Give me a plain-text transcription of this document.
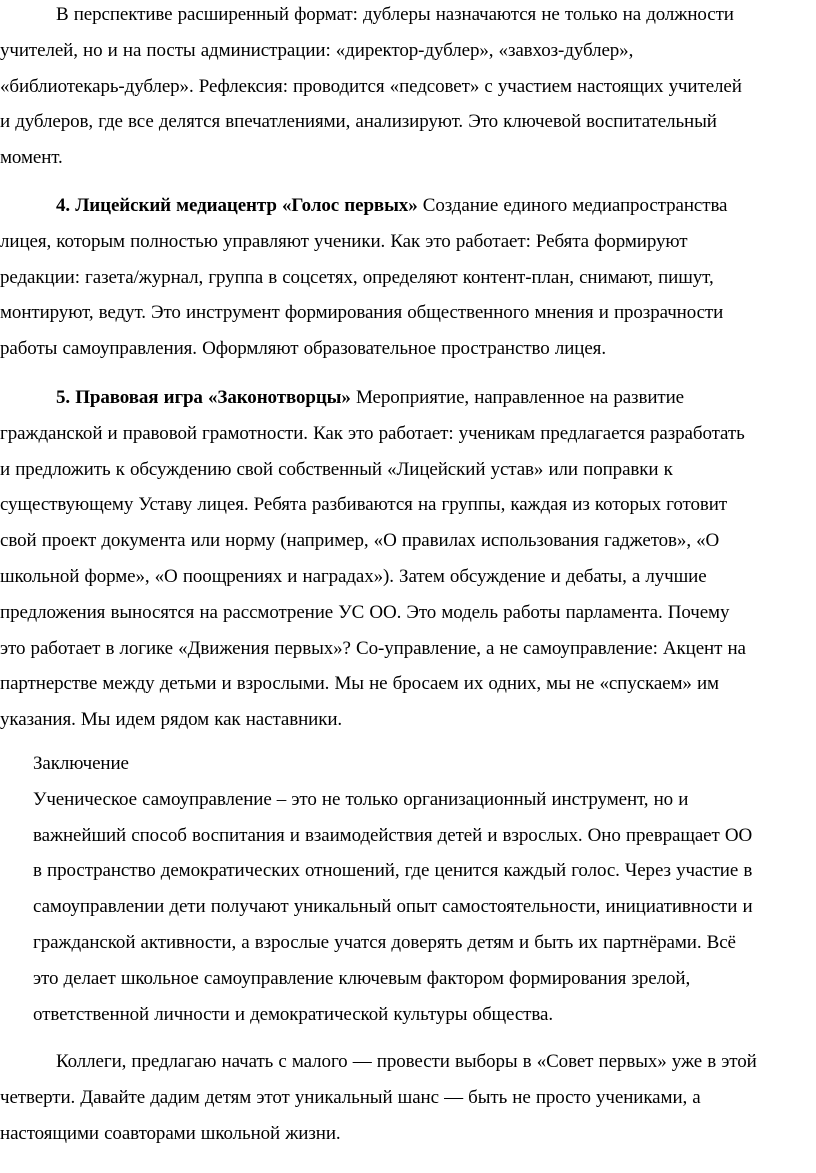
В перспективе расширенный формат: дублеры назначаются не только на должности
учителей, но и на посты администрации: «директор-дублер», «завхоз-дублер»,
«библиотекарь-дублер». Рефлексия: проводится «педсовет» с участием настоящих учителей
и дублеров, где все делятся впечатлениями, анализируют. Это ключевой воспитательный
момент.
4. Лицейский медиацентр «Голос первых» Создание единого медиапространства
лицея, которым полностью управляют ученики. Как это работает: Ребята формируют
редакции: газета/журнал, группа в соцсетях, определяют контент-план, снимают, пишут,
монтируют, ведут. Это инструмент формирования общественного мнения и прозрачности
работы самоуправления. Оформляют образовательное пространство лицея.
5. Правовая игра «Законотворцы» Мероприятие, направленное на развитие
гражданской и правовой грамотности. Как это работает: ученикам предлагается разработать
и предложить к обсуждению свой собственный «Лицейский устав» или поправки к
существующему Уставу лицея. Ребята разбиваются на группы, каждая из которых готовит
свой проект документа или норму (например, «О правилах использования гаджетов», «О
школьной форме», «О поощрениях и наградах»). Затем обсуждение и дебаты, а лучшие
предложения выносятся на рассмотрение УС ОО. Это модель работы парламента. Почему
это работает в логике «Движения первых»? Со-управление, а не самоуправление: Акцент на
партнерстве между детьми и взрослыми. Мы не бросаем их одних, мы не «спускаем» им
указания. Мы идем рядом как наставники.
Заключение
Ученическое самоуправление – это не только организационный инструмент, но и
важнейший способ воспитания и взаимодействия детей и взрослых. Оно превращает ОО
в пространство демократических отношений, где ценится каждый голос. Через участие в
самоуправлении дети получают уникальный опыт самостоятельности, инициативности и
гражданской активности, а взрослые учатся доверять детям и быть их партнёрами. Всё
это делает школьное самоуправление ключевым фактором формирования зрелой,
ответственной личности и демократической культуры общества.
Коллеги, предлагаю начать с малого — провести выборы в «Совет первых» уже в этой
четверти. Давайте дадим детям этот уникальный шанс — быть не просто учениками, а
настоящими соавторами школьной жизни.
